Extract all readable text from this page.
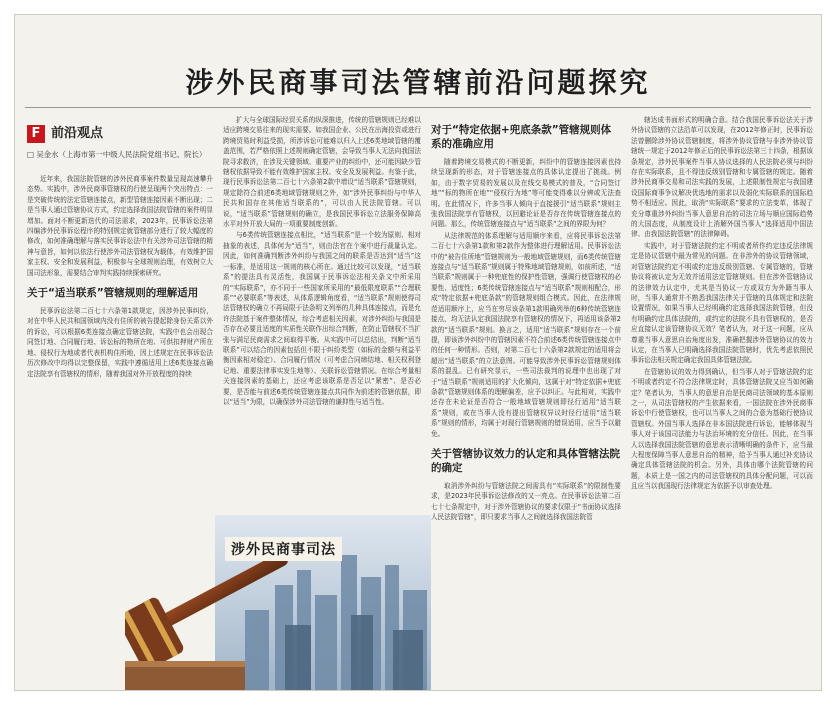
涉外民商事司法管辖前沿问题探究
F 前沿观点
□ 吴金水（上海市第一中级人民法院党组书记、院长）

近年来，我国法院管辖的涉外民商事案件数量呈现高速攀升态势。实践中，涉外民商事管辖权的行使呈现两个突出特点：一是突破传统的法定管辖连接点，新型管辖连接因素不断出现；二是当事人通过管辖协议方式，约定选择我国法院管辖的案件明显增加。面对不断更新迭代的司法需求，2023年，民事诉讼法第四编涉外民事诉讼程序的特别规定就管辖部分进行了较大幅度的修改，如何准确理解与落实民事诉讼法中有关涉外司法管辖的精神与意旨，如何以依法行使涉外司法管辖权为载体，有效维护国家主权、安全和发展利益，积极参与全球规则治理，有效树立大国司法形象，需要结合审判实践持续探索研究。

关于“适当联系”管辖规则的理解适用

民事诉讼法第二百七十六条第1款规定，因涉外民事纠纷，对在中华人民共和国领域内没有住所的被告提起除身份关系以外的诉讼，可以根据6类连接点确定管辖法院，实践中也会出现合同签订地、合同履行地、诉讼标的物所在地、可供扣押财产所在地、侵权行为地或者代表机构住所地，因上述规定在民事诉讼法历次修改中均得以完整保留，实践中遵循适用上述6类连接点确定法院享有管辖权的情形，随着我国对外开放程度的持续

扩大与全球国际经贸关系的纵深推进，传统的管辖规则已经难以适应跨境交易往来的现实需要。如我国企业、公民在出海投资或进行跨境贸易时利益受损，所涉诉讼可能难以归入上述6类地域管辖的覆盖范围，若严格依照上述规则确定管辖，会导致当事人无法向我国法院寻求救济，在涉及关键领域、重要产业的纠纷中，还可能因缺少管辖权依据导致不能有效维护国家主权、安全及发展利益。有鉴于此，现行民事诉讼法第二百七十六条第2款中增设“适当联系”管辖规则，规定除符合前述6类地域管辖规则之外，如“涉外民事纠纷与中华人民共和国存在其他适当联系的”，可以由人民法院管辖。可以说，“适当联系”管辖规则的确立，是我国民事诉讼立法服务保障高水平对外开放大局的一项重要制度创新。

与6类传统管辖连接点相比，“适当联系”是一个较为原则、相对抽象的表述，具体何为“适当”，则由法官在个案中进行裁量认定。因此，如何准确判断涉外纠纷与我国之间的联系是否达到“适当”这一标准，是适用这一规则的核心所在。通过比较可以发现，“适当联系”的提法具有灵活性，我国属于民事诉讼法相关条文中所采用的“实际联系”，亦不同于一些国家所采用的“最低限度联系”“合理联系”“必要联系”等表述，从体系逻辑角度看，“适当联系”规则使得司法管辖权的确立不再局限于法条明文列举的几种具体连接点，而是允许法院基于案件整体情况，综合考虑相关因素，对涉外纠纷与我国是否存在必要且适度的实质性关联作出综合判断，在防止管辖权不当扩张与满足民商需求之间取得平衡。从实践中可以总结出，判断“适当联系”可以结合的因素包括但不限于纠纷类型（如标的金额与利益平衡因素相对稳定）、合同履行情况（可考虑合同缔结地、相关权利登记地、重要法律事实发生地等）、关联诉讼管辖情况。在综合考量相关连接因素的基础上，还应考虑该联系是否足以“紧密”、是否必要，是否能与前述6类传统管辖连接点共同作为前述的管辖依据，即以“适当”为限，以确保涉外司法管辖的谦抑性与适当性。

对于“特定依据+兜底条款”管辖规则体系的准确应用

随着跨境交易模式的不断更新，纠纷中的管辖连接因素也持续呈现新的形态，对于管辖连接点的具体认定提出了挑战。例如，由于数字贸易的发展以及在线交易模式的普及，“合同签订地”“标的物所在地”“侵权行为地”等可能变得难以分辨或无法查明。在此情况下，许多当事人倾向于直接援引“适当联系”规则主张我国法院享有管辖权，以回避论证是否存在传统管辖连接点的问题。那么，传统管辖连接点与“适当联系”之间的界限为何？

从法律规范的体系理解与适用顺序来看，应将民事诉讼法第二百七十六条第1款和第2款作为整体进行理解适用。民事诉讼法中的“被告住所地”管辖规则为一般地域管辖规则，而6类传统管辖连接点与“适当联系”规则属于特殊地域管辖规则，如前所述，“适当联系”规则属于一种兜底性的保护性管辖，强调行使管辖权的必要性、适度性；6类传统管辖连接点与“适当联系”规则相配合，形成“特定依据+兜底条款”的管辖规则组合模式。因此，在法律规范适用顺序上，应当在穷尽该条第1款明确列举的6种传统管辖连接点，均无法认定我国法院享有管辖权的情况下，再适用该条第2款的“适当联系”规则。换言之，适用“适当联系”规则存在一个前提，即该涉外纠纷中的管辖因素不符合前述6类传统管辖连接点中的任何一种情形。否则，对第二百七十六条第2款规定的适用将会超出“适当联系”的立法意图。可能导致涉外民事诉讼管辖规则体系的混乱。已有研究显示，一些司法裁判的说理中也出现了对于“适当联系”规则适用的扩大化倾向，这属于对“特定依据+兜底条款”管辖规则体系的理解偏差，应予以纠正。与此相对，实践中还存在未论证是否符合一般地域管辖规则即径行适用“适当联系”规则，或在当事人没有提出管辖权异议时径行适用“适当联系”规则的情形，均属于对现行管辖规则的错误适用，应当予以避免。

关于管辖协议效力的认定和具体管辖法院的确定

取消涉外纠纷与管辖法院之间需具有“实际联系”的限制性要求，是2023年民事诉讼法修改的又一亮点。在民事诉讼法第二百七十七条规定中，对于涉外管辖协议的要求仅限于“书面协议选择人民法院管辖”，即只要求当事人之间就选择我国法院管

辖达成书面形式的明确合意。结合我国民事诉讼法关于涉外协议管辖的立法沿革可以发现，在2012年修正时，民事诉讼法曾删除涉外协议管辖制度，将涉外协议管辖与非涉外协议管辖统一规定于2012年修正后的民事诉讼法第三十四条，根据该条规定，涉外民事案件当事人协议选择的人民法院必须与纠纷存在实际联系，且不得违反级别管辖和专属管辖的规定。随着涉外民商事交易和司法实践的发展，上述限制性规定与我国建设国际商事争议解决优选地的需求以及弱化实际联系的国际趋势不相适应。因此，取消“实际联系”要求的立法变革，体现了充分尊重涉外纠纷当事人意思自治的司法立场与顺应国际趋势的大国态度，从制度设计上消解外国当事人“选择适用中国法律、由我国法院管辖”的法律障碍。

实践中，对于管辖法院约定不明或者所作约定违反法律规定是协议管辖中最为常见的问题。在非涉外的协议管辖领域，对管辖法院约定不明或约定违反级别管辖、专属管辖的，管辖协议将被认定为无效并适用法定管辖规则。但在涉外管辖协议的法律效力认定中，尤其是当协议一方或双方为外籍当事人时，当事人通常并不熟悉我国法律关于管辖的具体规定和法院设置情况，如果当事人已经明确约定选择我国法院管辖，但没有明确约定具体法院的，或约定的法院不具有管辖权的，是否应直接认定该管辖协议无效？笔者认为，对于这一问题，应从尊重当事人意思自治角度出发，准确把握涉外管辖协议的效力认定，在当事人已明确选择我国法院管辖时，优先考虑依照民事诉讼法相关规定确定我国具体管辖法院。

在管辖协议的效力得到确认，但当事人对于管辖法院约定不明或者约定不符合法律规定时，具体管辖法院又应当如何确定？笔者认为，当事人的意思自治是民商司法领域的基本原则之一，从司法管辖权的产生依据来看，一国法院在涉外民商事诉讼中行使管辖权，也可以当事人之间的合意为基础行使协议管辖权。外国当事人选择在非本国法院进行诉讼，能够体现当事人对于该国司法能力与法治环境的充分信任。因此，在当事人以选择我国法院管辖的意思表示清晰明确的条件下，应当最大程度保障当事人意思自治的精神，给予当事人通过补充协议确定具体管辖法院的机会。另外，具体由哪个法院管辖的问题，本质上是一国之内的司法管辖权的具体分配问题，可以而且应当以我国现行法律规定为依据予以审查处理。

涉外民商事司法
